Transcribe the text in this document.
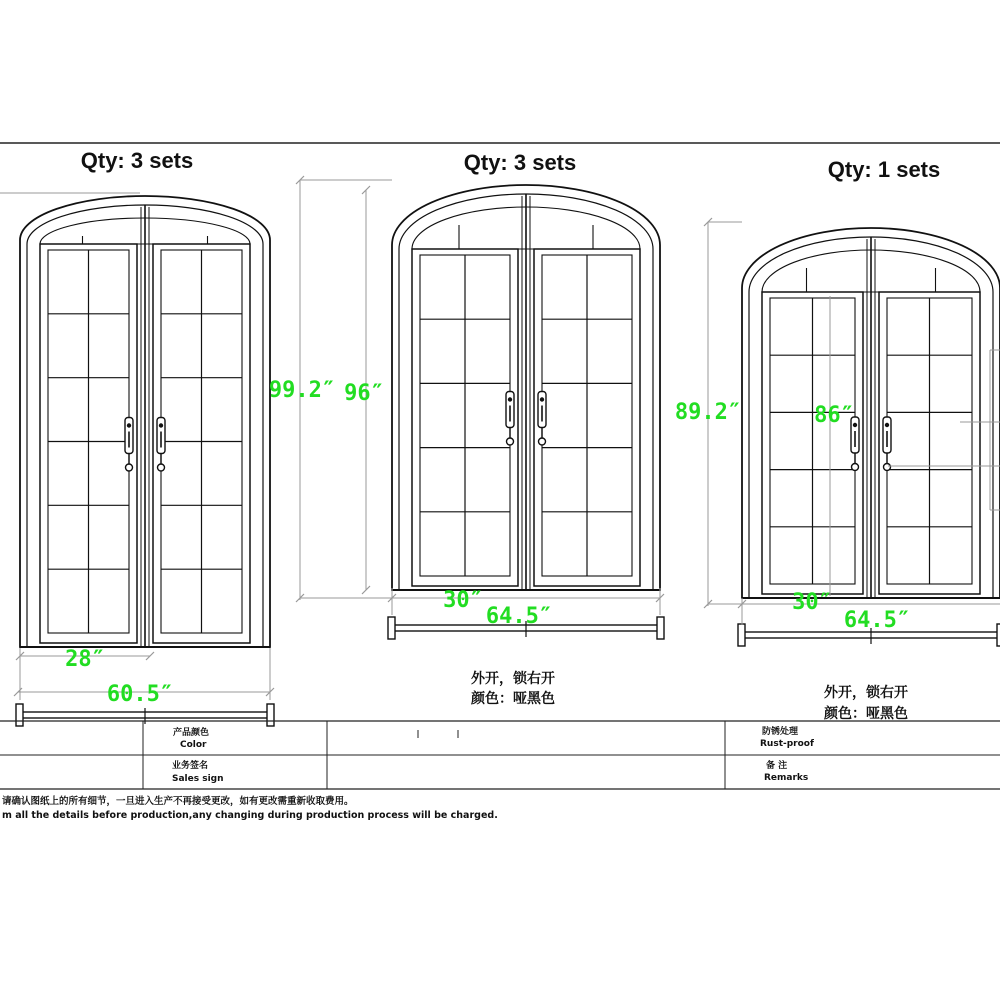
Qty: 3 sets	Qty: 3 sets	Qty: 1 sets
28″
60.5″
99.2″ 96″
30″
64.5″
89.2″	86″
30″
64.5″
外开，锁右开
颜色：哑黑色	外开，锁右开
颜色：哑黑色
产品颜色
Color
防锈处理
Rust-proof
业务签名
Sales sign
备 注
Remarks
请确认图纸上的所有细节，一旦进入生产不再接受更改，如有更改需重新收取费用。
m all the details before production,any changing during production process will be charged.
